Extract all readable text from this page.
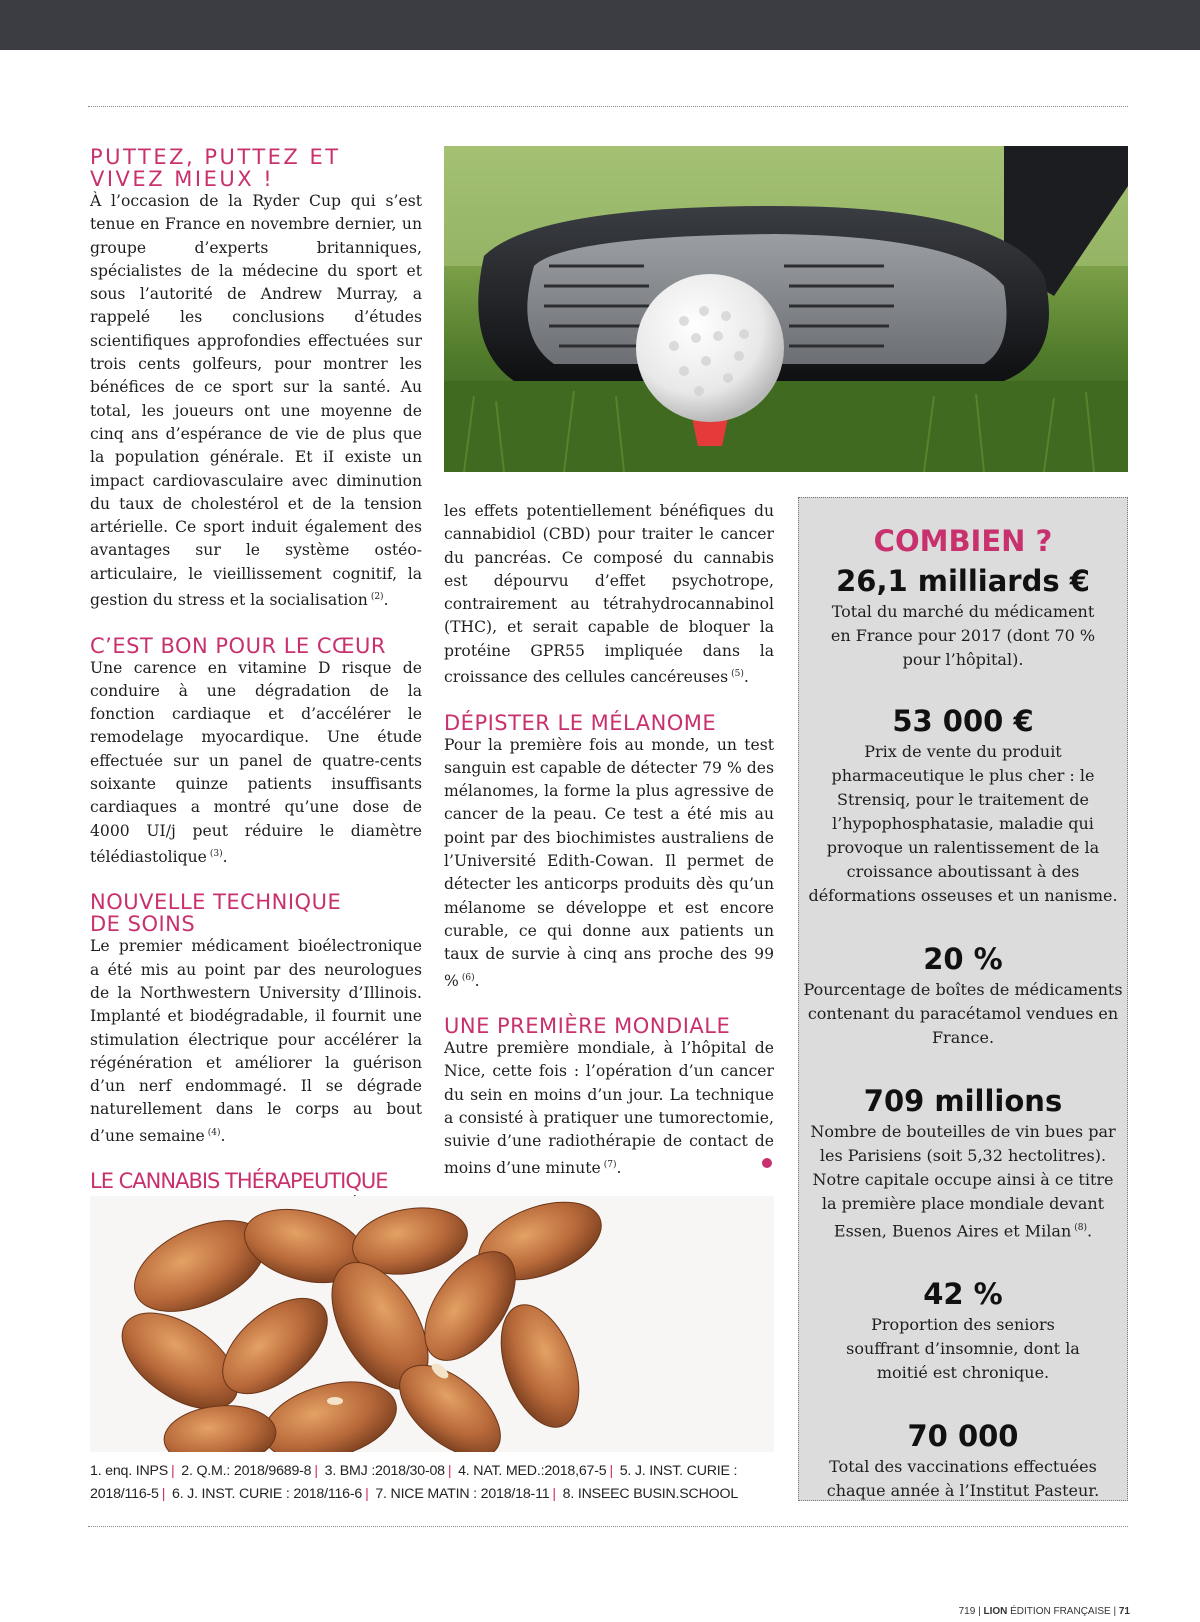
PUTTEZ, PUTTEZ ET VIVEZ MIEUX !

À l’occasion de la Ryder Cup qui s’est tenue en France en novembre dernier, un groupe d’experts britanniques, spécialistes de la médecine du sport et sous l’autorité de Andrew Murray, a rappelé les conclusions d’études scientifiques approfondies effectuées sur trois cents golfeurs, pour montrer les bénéfices de ce sport sur la santé. Au total, les joueurs ont une moyenne de cinq ans d’espérance de vie de plus que la population générale. Et iI existe un impact cardiovasculaire avec diminution du taux de cholestérol et de la tension artérielle. Ce sport induit également des avantages sur le système ostéo-articulaire, le vieillissement cognitif, la gestion du stress et la socialisation $^{(2)}$.

C’EST BON POUR LE CŒUR

Une carence en vitamine D risque de conduire à une dégradation de la fonction cardiaque et d’accélérer le remodelage myocardique. Une étude effectuée sur un panel de quatre-cents soixante quinze patients insuffisants cardiaques a montré qu’une dose de 4000 UI/j peut réduire le diamètre télédiastolique $^{(3)}$.

NOUVELLE TECHNIQUE DE SOINS

Le premier médicament bioélectronique a été mis au point par des neurologues de la Northwestern University d’Illinois. Implanté et biodégradable, il fournit une stimulation électrique pour accélérer la régénération et améliorer la guérison d’un nerf endommagé. Il se dégrade naturellement dans le corps au bout d’une semaine $^{(4)}$.

LE CANNABIS THÉRAPEUTIQUE

les effets potentiellement bénéfiques du cannabidiol (CBD) pour traiter le cancer du pancréas. Ce composé du cannabis est dépourvu d’effet psychotrope, contrairement au tétrahydrocannabinol (THC), et serait capable de bloquer la protéine GPR55 impliquée dans la croissance des cellules cancéreuses $^{(5)}$.

DÉPISTER LE MÉLANOME

Pour la première fois au monde, un test sanguin est capable de détecter 79 % des mélanomes, la forme la plus agressive de cancer de la peau. Ce test a été mis au point par des biochimistes australiens de l’Université Edith-Cowan. Il permet de détecter les anticorps produits dès qu’un mélanome se développe et est encore curable, ce qui donne aux patients un taux de survie à cinq ans proche des 99 % $^{(6)}$.

UNE PREMIÈRE MONDIALE

Autre première mondiale, à l’hôpital de Nice, cette fois : l’opération d’un cancer du sein en moins d’un jour. La technique a consisté à pratiquer une tumorectomie, suivie d’une radiothérapie de contact de moins d’une minute $^{(7)}$.

1. enq. INPS | 2. Q.M.: 2018/9689-8 | 3. BMJ :2018/30-08 | 4. NAT. MED.:2018,67-5 | 5. J. INST. CURIE : 2018/116-5 | 6. J. INST. CURIE : 2018/116-6 | 7. NICE MATIN : 2018/18-11 | 8. INSEEC BUSIN.SCHOOL
COMBIEN ?
26,1 milliards €
Total du marché du médicament en France pour 2017 (dont 70 % pour l’hôpital).
53 000 €
Prix de vente du produit pharmaceutique le plus cher : le Strensiq, pour le traitement de l’hypophosphatasie, maladie qui provoque un ralentissement de la croissance aboutissant à des déformations osseuses et un nanisme.
20 %
Pourcentage de boîtes de médicaments contenant du paracétamol vendues en France.
709 millions
Nombre de bouteilles de vin bues par les Parisiens (soit 5,32 hectolitres). Notre capitale occupe ainsi à ce titre la première place mondiale devant Essen, Buenos Aires et Milan $^{(8)}$.
42 %
Proportion des seniors souffrant d’insomnie, dont la moitié est chronique.
70 000
Total des vaccinations effectuées chaque année à l’Institut Pasteur.
719 | LION ÉDITION FRANÇAISE | 71
